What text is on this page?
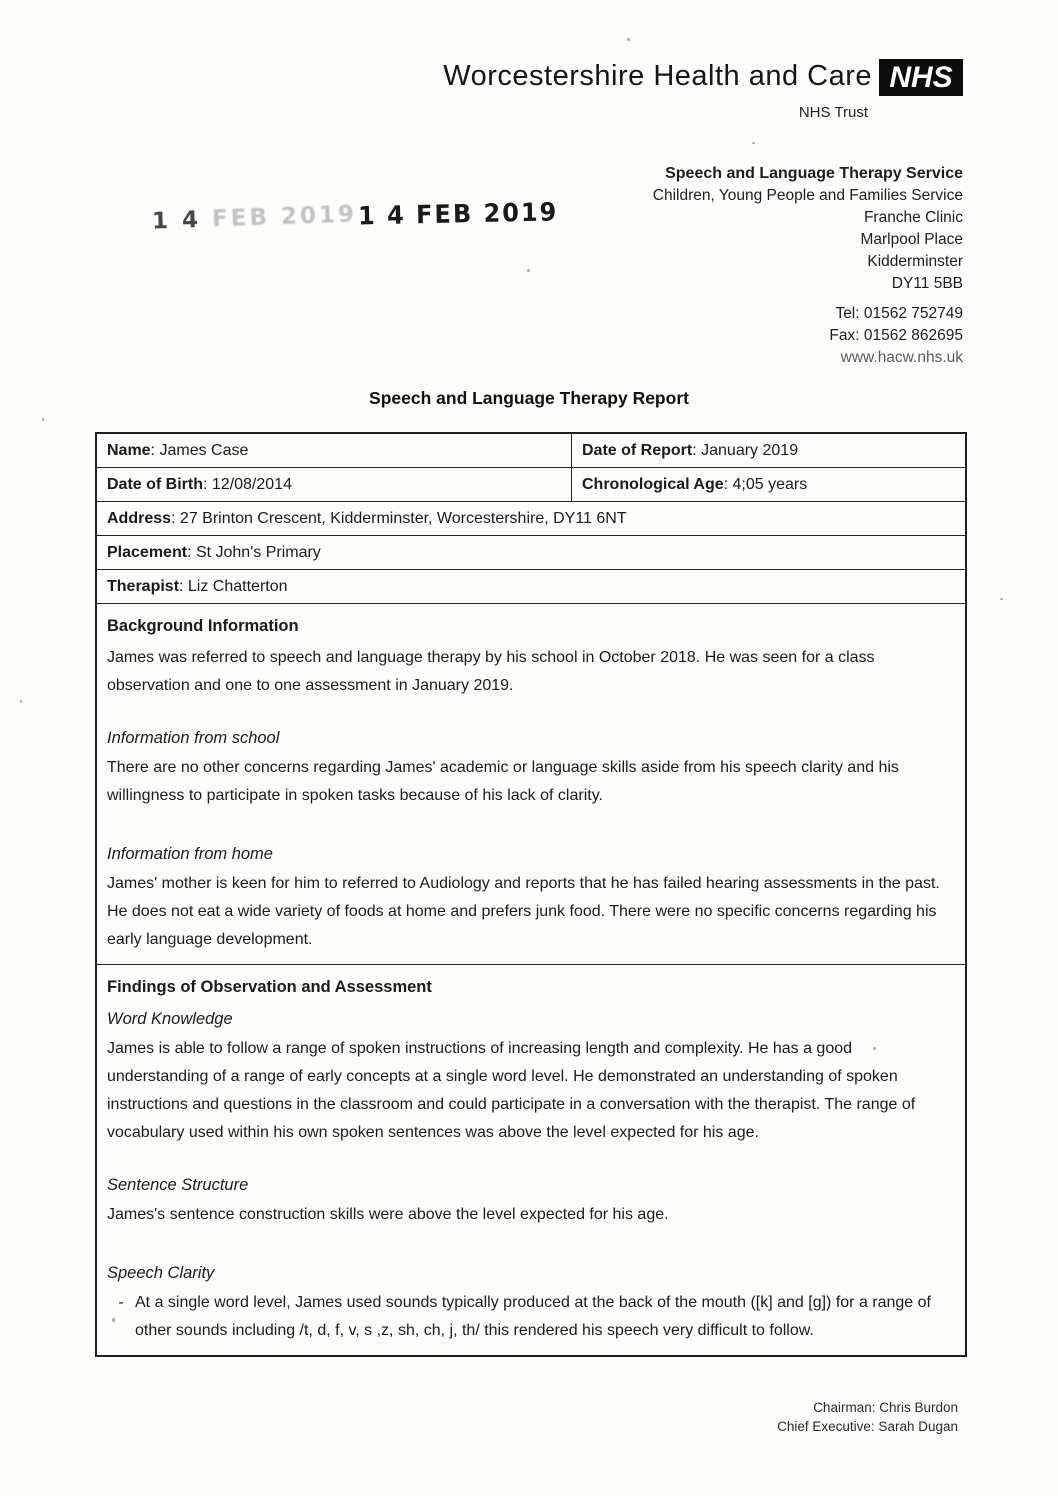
Worcestershire Health and Care NHS
NHS Trust
1 4 FEB 2019 1 4 FEB 2019
Speech and Language Therapy Service
Children, Young People and Families Service
Franche Clinic
Marlpool Place
Kidderminster
DY11 5BB
Tel: 01562 752749
Fax: 01562 862695
www.hacw.nhs.uk
Speech and Language Therapy Report
Name: James Case	Date of Report: January 2019
Date of Birth: 12/08/2014	Chronological Age: 4;05 years
Address: 27 Brinton Crescent, Kidderminster, Worcestershire, DY11 6NT
Placement: St John's Primary
Therapist: Liz Chatterton
Background Information

James was referred to speech and language therapy by his school in October 2018. He was seen for a class observation and one to one assessment in January 2019.

Information from school

There are no other concerns regarding James' academic or language skills aside from his speech clarity and his willingness to participate in spoken tasks because of his lack of clarity.

Information from home

James' mother is keen for him to referred to Audiology and reports that he has failed hearing assessments in the past. He does not eat a wide variety of foods at home and prefers junk food. There were no specific concerns regarding his early language development.

Findings of Observation and Assessment
Word Knowledge

James is able to follow a range of spoken instructions of increasing length and complexity. He has a good understanding of a range of early concepts at a single word level. He demonstrated an understanding of spoken instructions and questions in the classroom and could participate in a conversation with the therapist. The range of vocabulary used within his own spoken sentences was above the level expected for his age.

Sentence Structure

James's sentence construction skills were above the level expected for his age.

Speech Clarity
- At a single word level, James used sounds typically produced at the back of the mouth ([k] and [g]) for a range of other sounds including /t, d, f, v, s ,z, sh, ch, j, th/ this rendered his speech very difficult to follow.
Chairman: Chris Burdon
Chief Executive: Sarah Dugan
